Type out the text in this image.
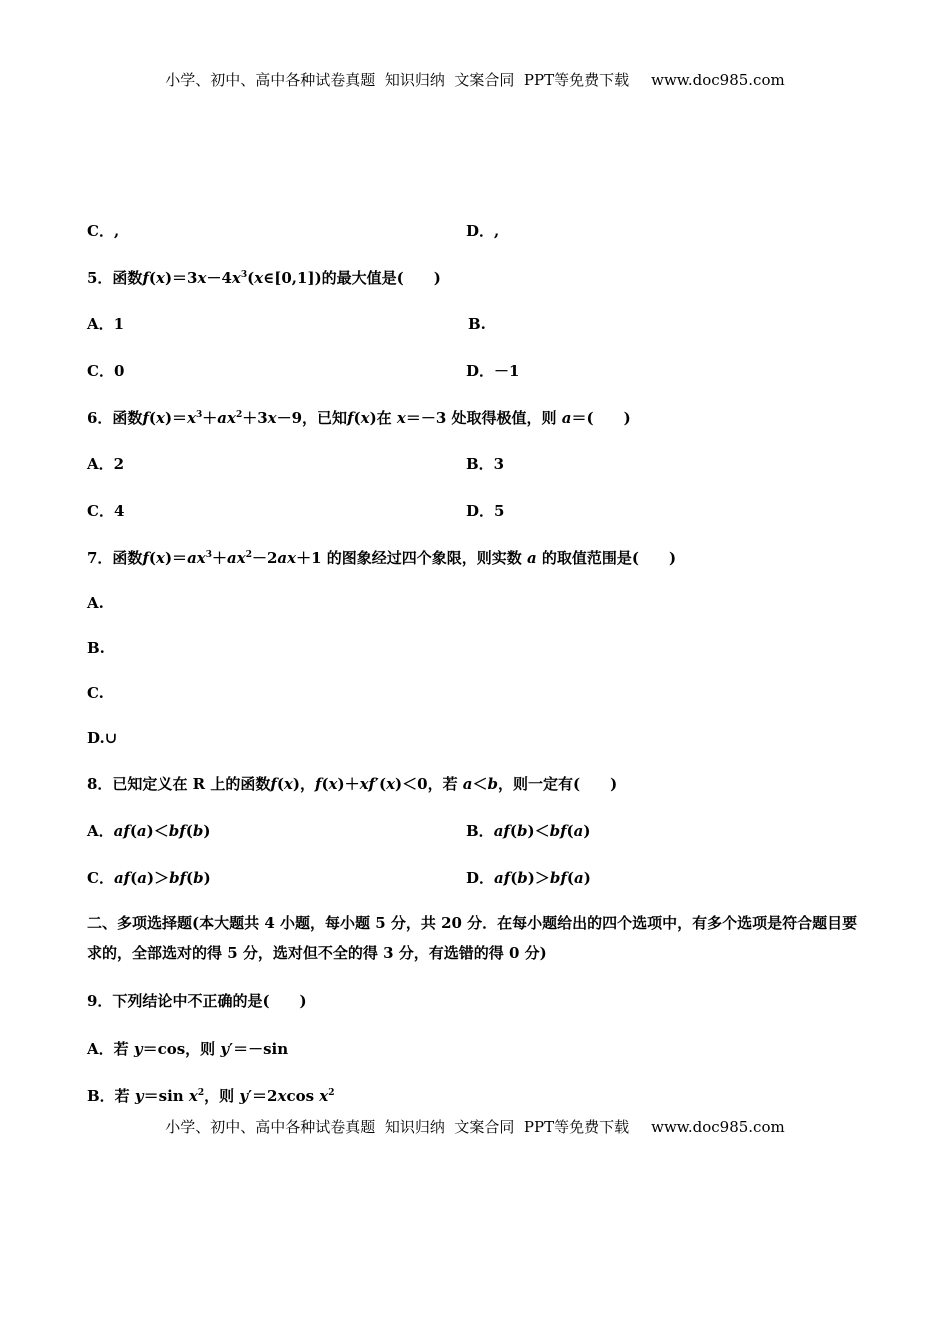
小学、初中、高中各种试卷真题  知识归纳  文案合同  PPT等免费下载 www.doc985.com
C．,	D．,
5．函数$f(x)=3x-4x^3(x\in[0,1])$的最大值是(　　)
A．1	B.
C．0	D．－1
6．函数$f(x)=x^3+ax^2+3x-9$，已知f(x)在 x＝－3 处取得极值，则 a＝(　　)
A．2	B．3
C．4	D．5
7．函数$f(x)=ax^3+ax^2-2ax+1$ 的图象经过四个象限，则实数 a 的取值范围是(　　)
A.
B.
C.
D.∪
8．已知定义在 R 上的函数f(x)，f(x)＋xf′(x)＜0，若 a＜b，则一定有(　　)
A．af(a)＜bf(b)	B．af(b)＜bf(a)
C．af(a)＞bf(b)	D．af(b)＞bf(a)
二、多项选择题(本大题共 4 小题，每小题 5 分，共 20 分．在每小题给出的四个选项中，有多个选项是符合题目要求的，全部选对的得 5 分，选对但不全的得 3 分，有选错的得 0 分)
9．下列结论中不正确的是(　　)
A．若 y＝cos，则 y′＝－sin
B．若 y＝sin $x^2$，则 y′＝2xcos $x^2$
小学、初中、高中各种试卷真题  知识归纳  文案合同  PPT等免费下载 www.doc985.com
